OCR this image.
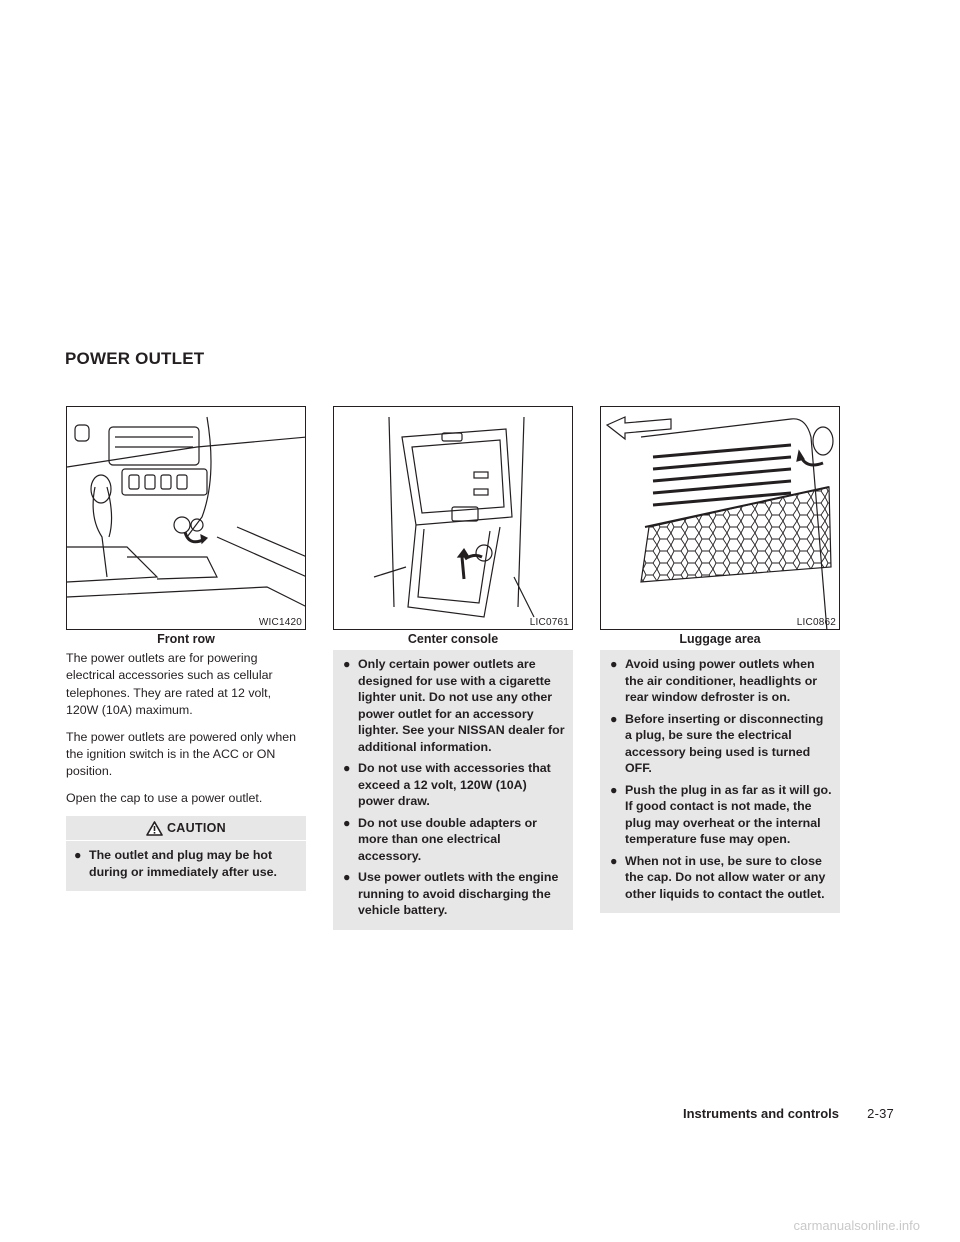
POWER OUTLET
WIC1420
Front row
LIC0761
Center console
LIC0862
Luggage area

The power outlets are for powering electrical accessories such as cellular telephones. They are rated at 12 volt, 120W (10A) maximum.

The power outlets are powered only when the ignition switch is in the ACC or ON position.

Open the cap to use a power outlet.

CAUTION
● The outlet and plug may be hot during or immediately after use.
● Only certain power outlets are designed for use with a cigarette lighter unit. Do not use any other power outlet for an accessory lighter. See your NISSAN dealer for additional information.
● Do not use with accessories that exceed a 12 volt, 120W (10A) power draw.
● Do not use double adapters or more than one electrical accessory.
● Use power outlets with the engine running to avoid discharging the vehicle battery.
● Avoid using power outlets when the air conditioner, headlights or rear window defroster is on.
● Before inserting or disconnecting a plug, be sure the electrical accessory being used is turned OFF.
● Push the plug in as far as it will go. If good contact is not made, the plug may overheat or the internal temperature fuse may open.
● When not in use, be sure to close the cap. Do not allow water or any other liquids to contact the outlet.
Instruments and controls 2-37
carmanualsonline.info
